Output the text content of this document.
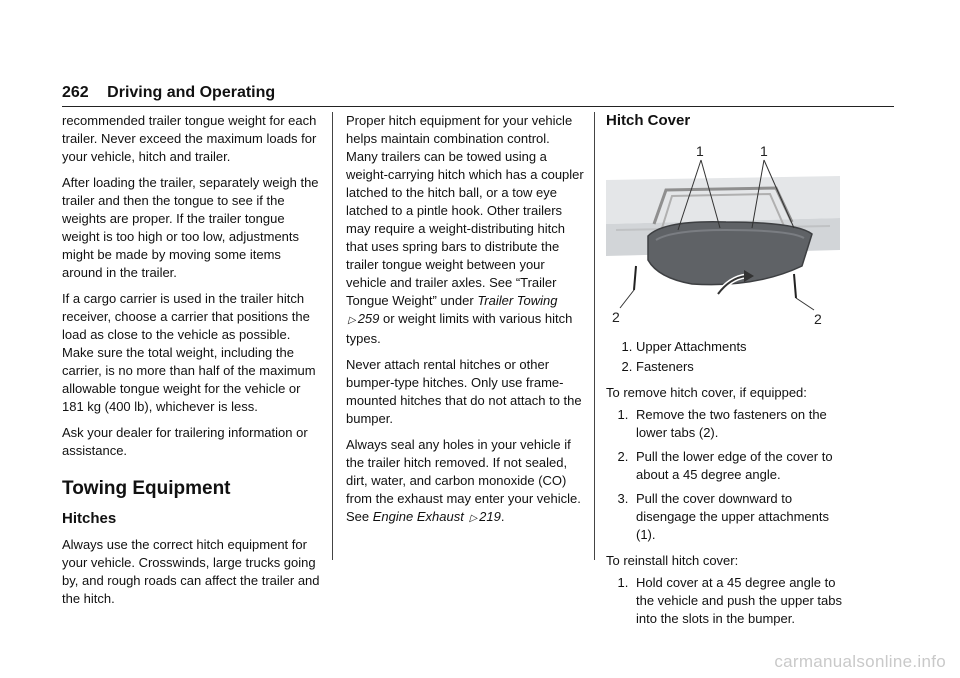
262 Driving and Operating

recommended trailer tongue weight for each trailer. Never exceed the maximum loads for your vehicle, hitch and trailer.

After loading the trailer, separately weigh the trailer and then the tongue to see if the weights are proper. If the trailer tongue weight is too high or too low, adjustments might be made by moving some items around in the trailer.

If a cargo carrier is used in the trailer hitch receiver, choose a carrier that positions the load as close to the vehicle as possible. Make sure the total weight, including the carrier, is no more than half of the maximum allowable tongue weight for the vehicle or 181 kg (400 lb), whichever is less.

Ask your dealer for trailering information or assistance.

Towing Equipment
Hitches

Always use the correct hitch equipment for your vehicle. Crosswinds, large trucks going by, and rough roads can affect the trailer and the hitch.

Proper hitch equipment for your vehicle helps maintain combination control. Many trailers can be towed using a weight-carrying hitch which has a coupler latched to the hitch ball, or a tow eye latched to a pintle hook. Other trailers may require a weight-distributing hitch that uses spring bars to distribute the trailer tongue weight between your vehicle and trailer axles. See “Trailer Tongue Weight” under Trailer Towing ▷ 259 or weight limits with various hitch types.

Never attach rental hitches or other bumper-type hitches. Only use frame-mounted hitches that do not attach to the bumper.

Always seal any holes in your vehicle if the trailer hitch removed. If not sealed, dirt, water, and carbon monoxide (CO) from the exhaust may enter your vehicle. See Engine Exhaust ▷ 219.

Hitch Cover
1	1
2	2
1. Upper Attachments
2. Fasteners

To remove hitch cover, if equipped:

1. Remove the two fasteners on the lower tabs (2).
2. Pull the lower edge of the cover to about a 45 degree angle.
3. Pull the cover downward to disengage the upper attachments (1).

To reinstall hitch cover:

1. Hold cover at a 45 degree angle to the vehicle and push the upper tabs into the slots in the bumper.
carmanualsonline.info
